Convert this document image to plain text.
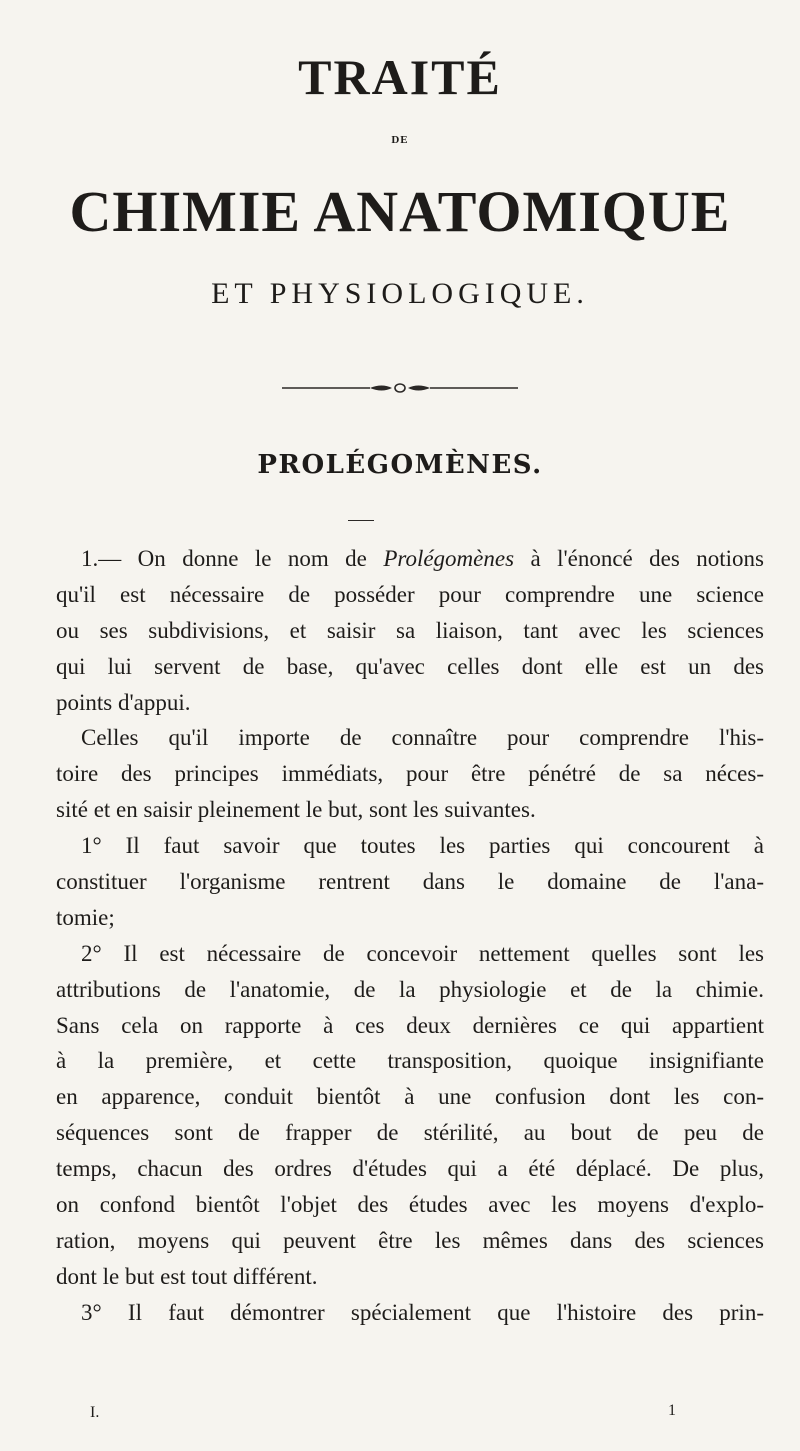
TRAITÉ
DE
CHIMIE ANATOMIQUE
ET PHYSIOLOGIQUE.
PROLÉGOMÈNES.
1.— On donne le nom de Prolégomènes à l'énoncé des notions
qu'il est nécessaire de posséder pour comprendre une science
ou ses subdivisions, et saisir sa liaison, tant avec les sciences
qui lui servent de base, qu'avec celles dont elle est un des
points d'appui.
Celles qu'il importe de connaître pour comprendre l'his-
toire des principes immédiats, pour être pénétré de sa néces-
sité et en saisir pleinement le but, sont les suivantes.
1° Il faut savoir que toutes les parties qui concourent à
constituer l'organisme rentrent dans le domaine de l'ana-
tomie;
2° Il est nécessaire de concevoir nettement quelles sont les
attributions de l'anatomie, de la physiologie et de la chimie.
Sans cela on rapporte à ces deux dernières ce qui appartient
à la première, et cette transposition, quoique insignifiante
en apparence, conduit bientôt à une confusion dont les con-
séquences sont de frapper de stérilité, au bout de peu de
temps, chacun des ordres d'études qui a été déplacé. De plus,
on confond bientôt l'objet des études avec les moyens d'explo-
ration, moyens qui peuvent être les mêmes dans des sciences
dont le but est tout différent.
3° Il faut démontrer spécialement que l'histoire des prin-
I.	1
